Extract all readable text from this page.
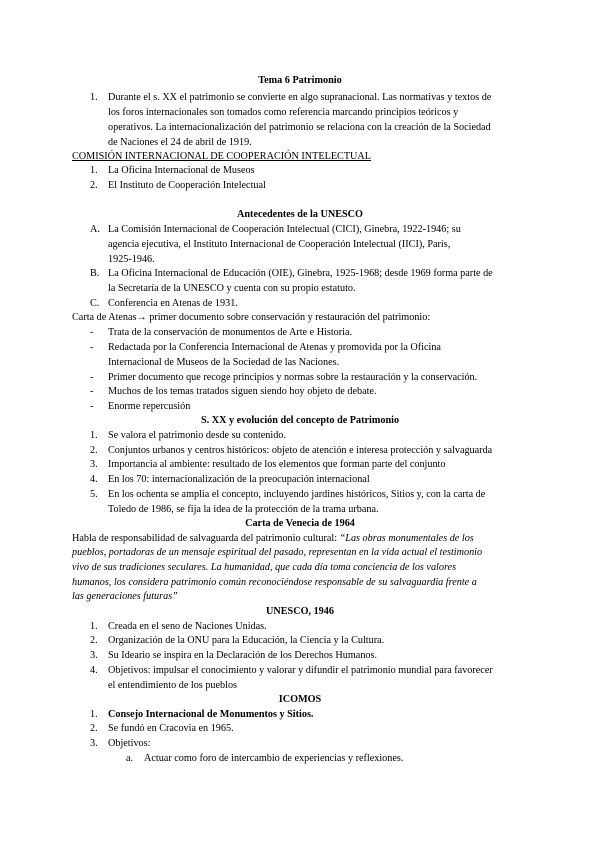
Tema 6 Patrimonio
1. Durante el s. XX el patrimonio se convierte en algo supranacional. Las normativas y textos de
los foros internacionales son tomados como referencia marcando principios teóricos y
operativos. La internacionalización del patrimonio se relaciona con la creación de la Sociedad
de Naciones el 24 de abril de 1919.
COMISIÓN INTERNACIONAL DE COOPERACIÓN INTELECTUAL
1. La Oficina Internacional de Museos
2. El Instituto de Cooperación Intelectual
Antecedentes de la UNESCO
A. La Comisión Internacional de Cooperación Intelectual (CICI), Ginebra, 1922-1946; su
agencia ejecutiva, el Instituto Internacional de Cooperación Intelectual (IICI), París,
1925-1946.
B. La Oficina Internacional de Educación (OIE), Ginebra, 1925-1968; desde 1969 forma parte de
la Secretaría de la UNESCO y cuenta con su propio estatuto.
C. Conferencia en Atenas de 1931.
Carta de Atenas→ primer documento sobre conservación y restauración del patrimonio:
- Trata de la conservación de monumentos de Arte e Historia.
- Redactada por la Conferencia Internacional de Atenas y promovida por la Oficina
Internacional de Museos de la Sociedad de las Naciones.
- Primer documento que recoge principios y normas sobre la restauración y la conservación.
- Muchos de los temas tratados siguen siendo hoy objeto de debate.
- Enorme repercusión
S. XX y evolución del concepto de Patrimonio
1. Se valora el patrimonio desde su contenido.
2. Conjuntos urbanos y centros históricos: objeto de atención e interesa protección y salvaguarda
3. Importancia al ambiente: resultado de los elementos que forman parte del conjunto
4. En los 70: internacionalización de la preocupación internacional
5. En los ochenta se amplia el concepto, incluyendo jardines históricos, Sitios y, con la carta de
Toledo de 1986, se fija la idea de la protección de la trama urbana.
Carta de Venecia de 1964
Habla de responsabilidad de salvaguarda del patrimonio cultural: “Las obras monumentales de los
pueblos, portadoras de un mensaje espiritual del pasado, representan en la vida actual el testimonio
vivo de sus tradiciones seculares. La humanidad, que cada día toma conciencia de los valores
humanos, los considera patrimonio común reconociéndose responsable de su salvaguardia frente a
las generaciones futuras”
UNESCO, 1946
1. Creada en el seno de Naciones Unidas.
2. Organización de la ONU para la Educación, la Ciencia y la Cultura.
3. Su Ideario se inspira en la Declaración de los Derechos Humanos.
4. Objetivos: impulsar el conocimiento y valorar y difundir el patrimonio mundial para favorecer
el entendimiento de los pueblos
ICOMOS
1. Consejo Internacional de Monumentos y Sitios.
2. Se fundó en Cracovia en 1965.
3. Objetivos:
a. Actuar como foro de intercambio de experiencias y reflexiones.
